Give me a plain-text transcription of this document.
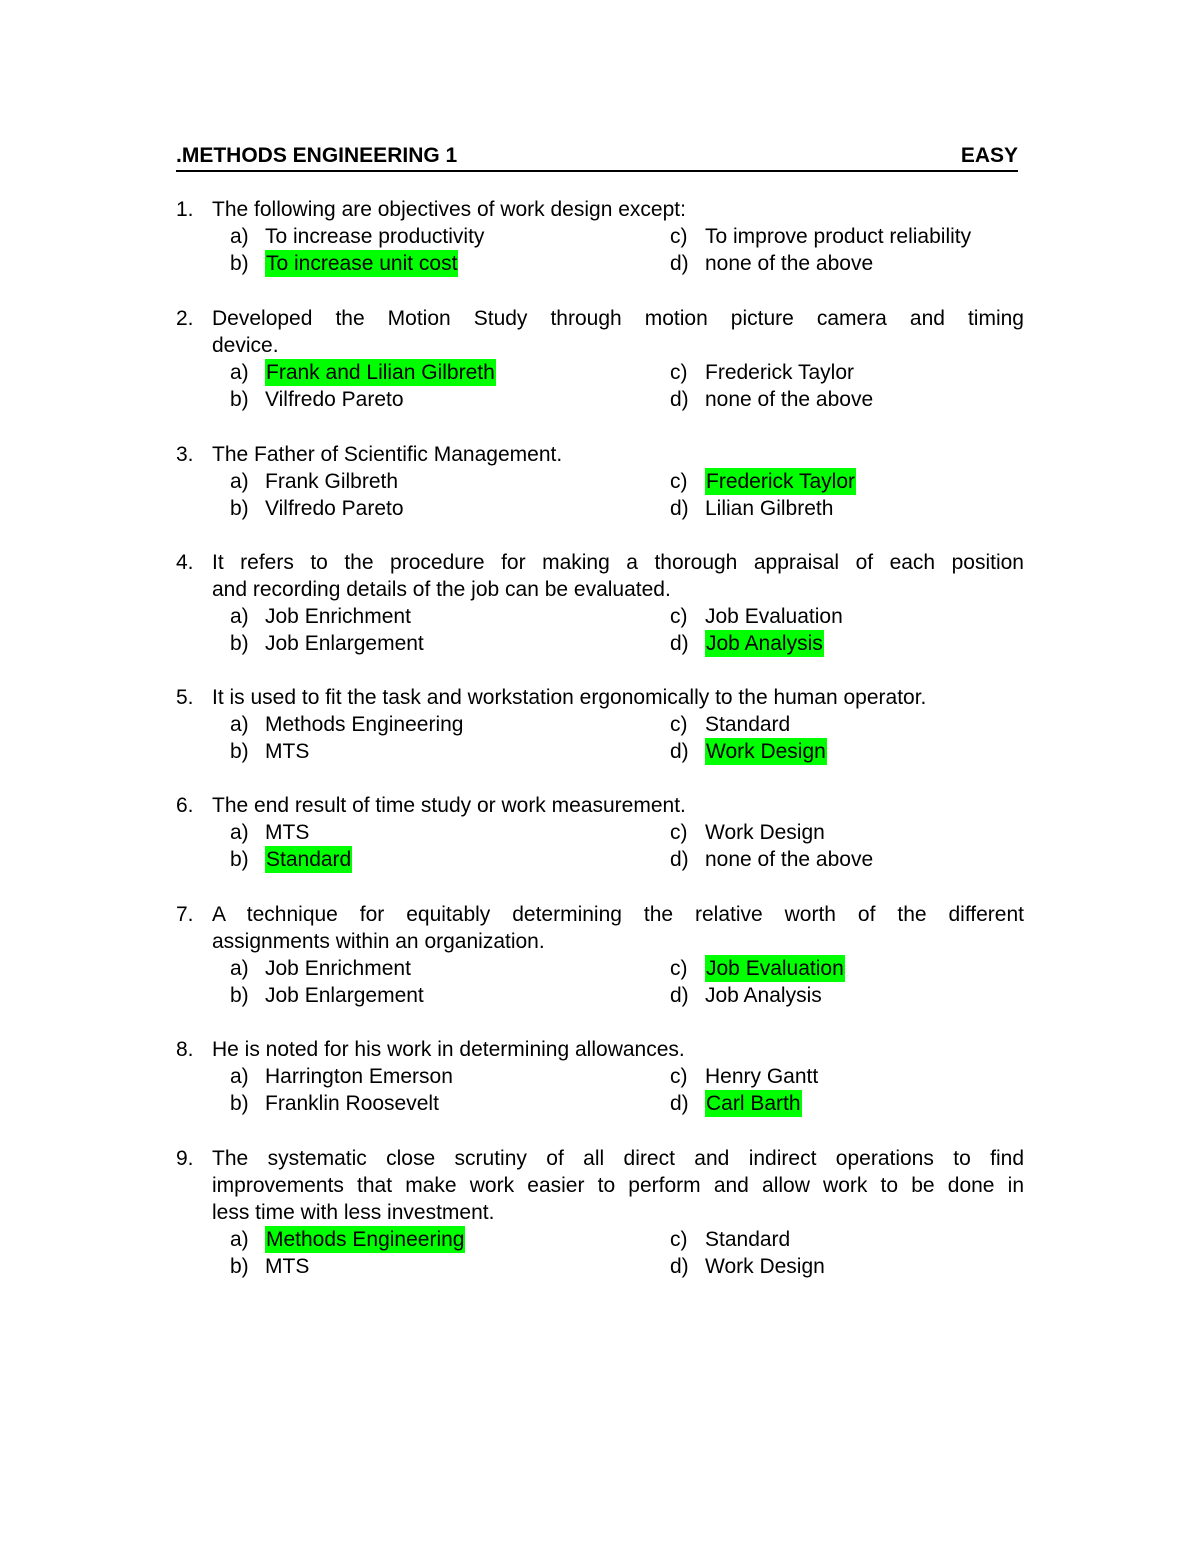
.METHODS ENGINEERING 1	EASY
1. The following are objectives of work design except:
a) To increase productivity
b) To increase unit cost
c) To improve product reliability
d) none of the above
2. Developed the Motion Study through motion picture camera and timing
device.
a) Frank and Lilian Gilbreth
b) Vilfredo Pareto
c) Frederick Taylor
d) none of the above
3. The Father of Scientific Management.
a) Frank Gilbreth
b) Vilfredo Pareto
c) Frederick Taylor
d) Lilian Gilbreth
4. It refers to the procedure for making a thorough appraisal of each position
and recording details of the job can be evaluated.
a) Job Enrichment
b) Job Enlargement
c) Job Evaluation
d) Job Analysis
5. It is used to fit the task and workstation ergonomically to the human operator.
a) Methods Engineering
b) MTS
c) Standard
d) Work Design
6. The end result of time study or work measurement.
a) MTS
b) Standard
c) Work Design
d) none of the above
7. A technique for equitably determining the relative worth of the different
assignments within an organization.
a) Job Enrichment
b) Job Enlargement
c) Job Evaluation
d) Job Analysis
8. He is noted for his work in determining allowances.
a) Harrington Emerson
b) Franklin Roosevelt
c) Henry Gantt
d) Carl Barth
9. The systematic close scrutiny of all direct and indirect operations to find
improvements that make work easier to perform and allow work to be done in
less time with less investment.
a) Methods Engineering
b) MTS
c) Standard
d) Work Design
